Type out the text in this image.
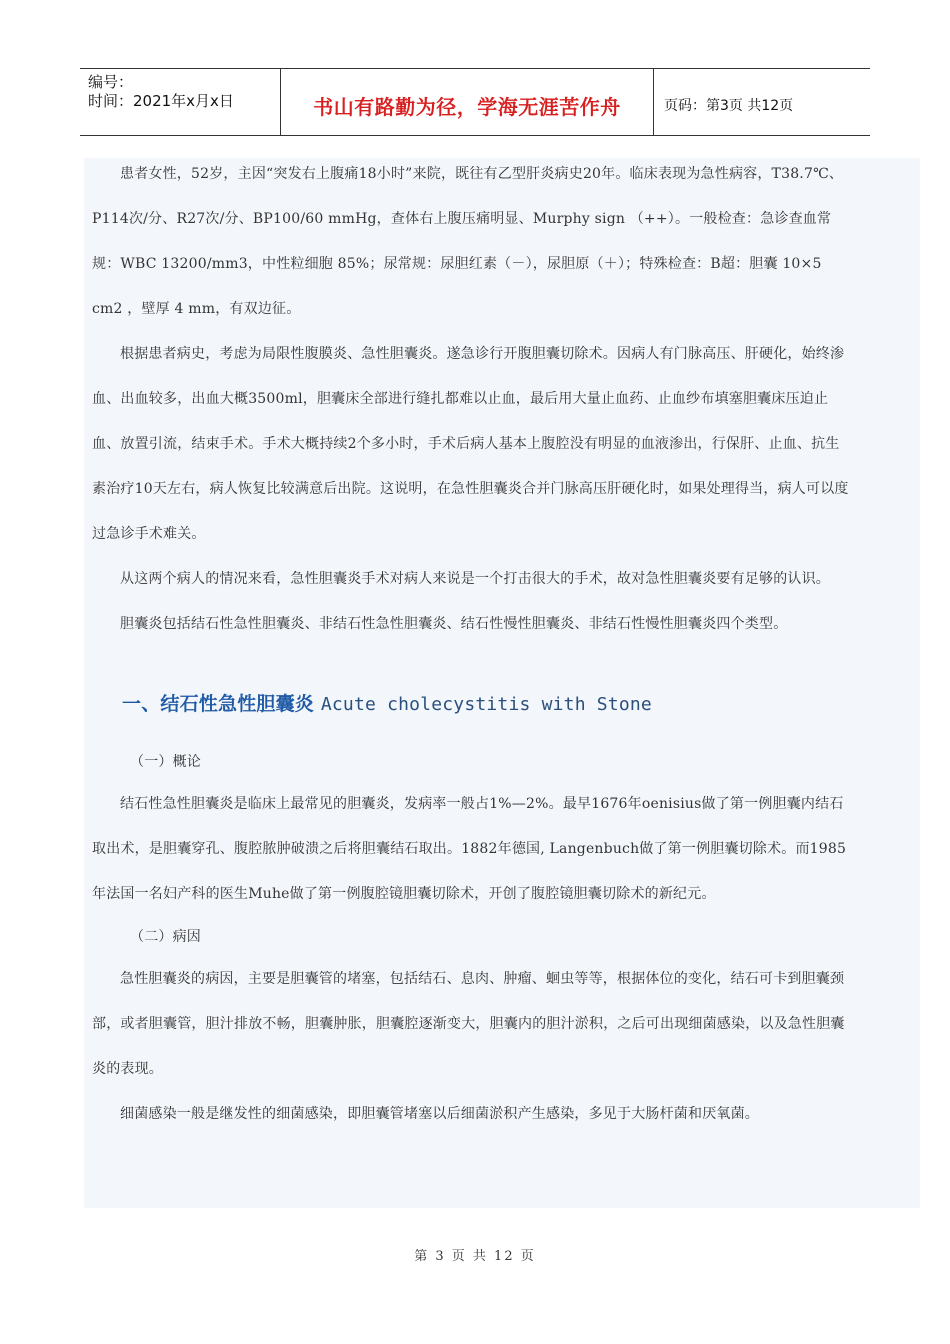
编号：
时间：2021年x月x日	书山有路勤为径，学海无涯苦作舟	页码：第3页 共12页

患者女性，52岁，主因“突发右上腹痛18小时”来院，既往有乙型肝炎病史20年。临床表现为急性病容，T38.7℃、P114次/分、R27次/分、BP100/60 mmHg，查体右上腹压痛明显、Murphy sign （++）。一般检查：急诊查血常规：WBC 13200/mm3，中性粒细胞 85%；尿常规：尿胆红素（－），尿胆原（＋）；特殊检查：B超：胆囊 10×5 cm2 ，壁厚 4 mm，有双边征。

根据患者病史，考虑为局限性腹膜炎、急性胆囊炎。遂急诊行开腹胆囊切除术。因病人有门脉高压、肝硬化，始终渗血、出血较多，出血大概3500ml，胆囊床全部进行缝扎都难以止血，最后用大量止血药、止血纱布填塞胆囊床压迫止血、放置引流，结束手术。手术大概持续2个多小时，手术后病人基本上腹腔没有明显的血液渗出，行保肝、止血、抗生素治疗10天左右，病人恢复比较满意后出院。这说明，在急性胆囊炎合并门脉高压肝硬化时，如果处理得当，病人可以度过急诊手术难关。

从这两个病人的情况来看，急性胆囊炎手术对病人来说是一个打击很大的手术，故对急性胆囊炎要有足够的认识。

胆囊炎包括结石性急性胆囊炎、非结石性急性胆囊炎、结石性慢性胆囊炎、非结石性慢性胆囊炎四个类型。

一、结石性急性胆囊炎 Acute cholecystitis with Stone

（一）概论

结石性急性胆囊炎是临床上最常见的胆囊炎，发病率一般占1%—2%。最早1676年oenisius做了第一例胆囊内结石取出术，是胆囊穿孔、腹腔脓肿破溃之后将胆囊结石取出。1882年德国, Langenbuch做了第一例胆囊切除术。而1985年法国一名妇产科的医生Muhe做了第一例腹腔镜胆囊切除术，开创了腹腔镜胆囊切除术的新纪元。

（二）病因

急性胆囊炎的病因，主要是胆囊管的堵塞，包括结石、息肉、肿瘤、蛔虫等等，根据体位的变化，结石可卡到胆囊颈部，或者胆囊管，胆汁排放不畅，胆囊肿胀，胆囊腔逐渐变大，胆囊内的胆汁淤积，之后可出现细菌感染，以及急性胆囊炎的表现。

细菌感染一般是继发性的细菌感染，即胆囊管堵塞以后细菌淤积产生感染，多见于大肠杆菌和厌氧菌。

第 3 页 共 12 页
